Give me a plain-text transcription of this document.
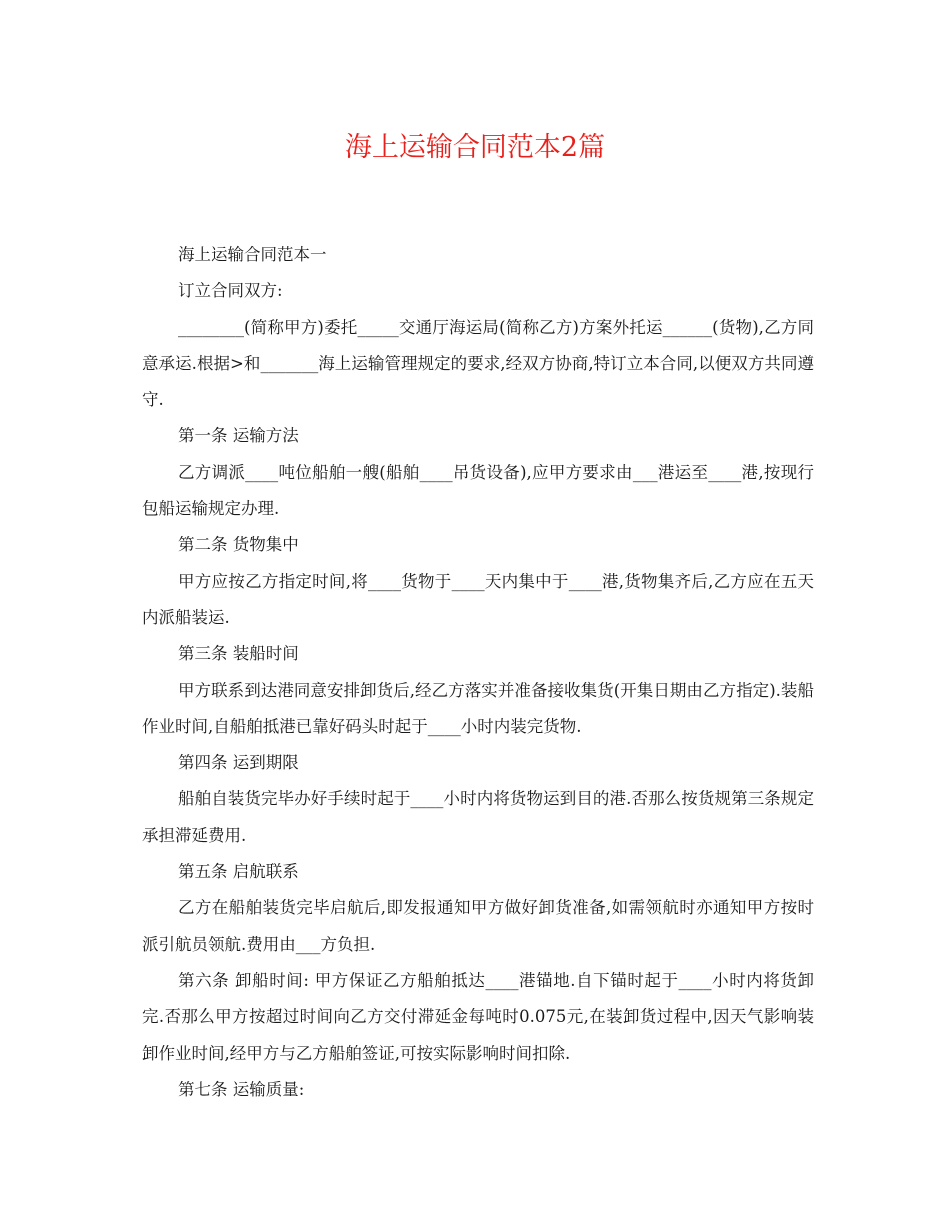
海上运输合同范本2篇

海上运输合同范本一

订立合同双方:

________(简称甲方)委托_____交通厅海运局(简称乙方)方案外托运______(货物),乙方同意承运.根据>和_______海上运输管理规定的要求,经双方协商,特订立本合同,以便双方共同遵守.

第一条 运输方法

乙方调派____吨位船舶一艘(船舶____吊货设备),应甲方要求由___港运至____港,按现行包船运输规定办理.

第二条 货物集中

甲方应按乙方指定时间,将____货物于____天内集中于____港,货物集齐后,乙方应在五天内派船装运.

第三条 装船时间

甲方联系到达港同意安排卸货后,经乙方落实并准备接收集货(开集日期由乙方指定).装船作业时间,自船舶抵港已靠好码头时起于____小时内装完货物.

第四条 运到期限

船舶自装货完毕办好手续时起于____小时内将货物运到目的港.否那么按货规第三条规定承担滞延费用.

第五条 启航联系

乙方在船舶装货完毕启航后,即发报通知甲方做好卸货准备,如需领航时亦通知甲方按时派引航员领航.费用由___方负担.

第六条 卸船时间: 甲方保证乙方船舶抵达____港锚地.自下锚时起于____小时内将货卸完.否那么甲方按超过时间向乙方交付滞延金每吨时0.075元,在装卸货过程中,因天气影响装卸作业时间,经甲方与乙方船舶签证,可按实际影响时间扣除.

第七条 运输质量:
